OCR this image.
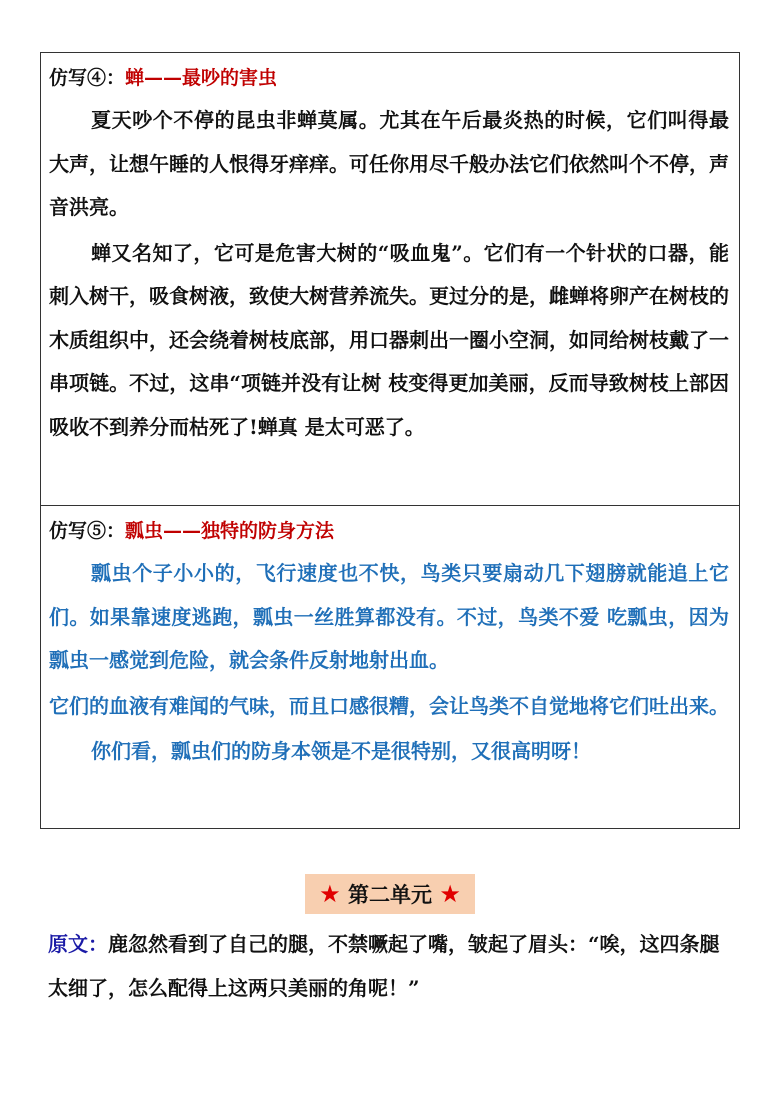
仿写④：蝉——最吵的害虫

夏天吵个不停的昆虫非蝉莫属。尤其在午后最炎热的时候，它们叫得最大声，让想午睡的人恨得牙痒痒。可任你用尽千般办法它们依然叫个不停，声音洪亮。

蝉又名知了，它可是危害大树的“吸血鬼”。它们有一个针状的口器，能刺入树干，吸食树液，致使大树营养流失。更过分的是，雌蝉将卵产在树枝的木质组织中，还会绕着树枝底部，用口器刺出一圈小空洞，如同给树枝戴了一串项链。不过，这串“项链并没有让树 枝变得更加美丽，反而导致树枝上部因吸收不到养分而枯死了!蝉真 是太可恶了。

仿写⑤：瓢虫——独特的防身方法

瓢虫个子小小的，飞行速度也不快，鸟类只要扇动几下翅膀就能追上它们。如果靠速度逃跑，瓢虫一丝胜算都没有。不过，鸟类不爱 吃瓢虫，因为瓢虫一感觉到危险，就会条件反射地射出血。

它们的血液有难闻的气味，而且口感很糟，会让鸟类不自觉地将它们吐出来。

你们看，瓢虫们的防身本领是不是很特别，又很高明呀！

★ 第二单元 ★
原文：鹿忽然看到了自己的腿，不禁噘起了嘴，皱起了眉头：“唉，这四条腿太细了，怎么配得上这两只美丽的角呢！”
